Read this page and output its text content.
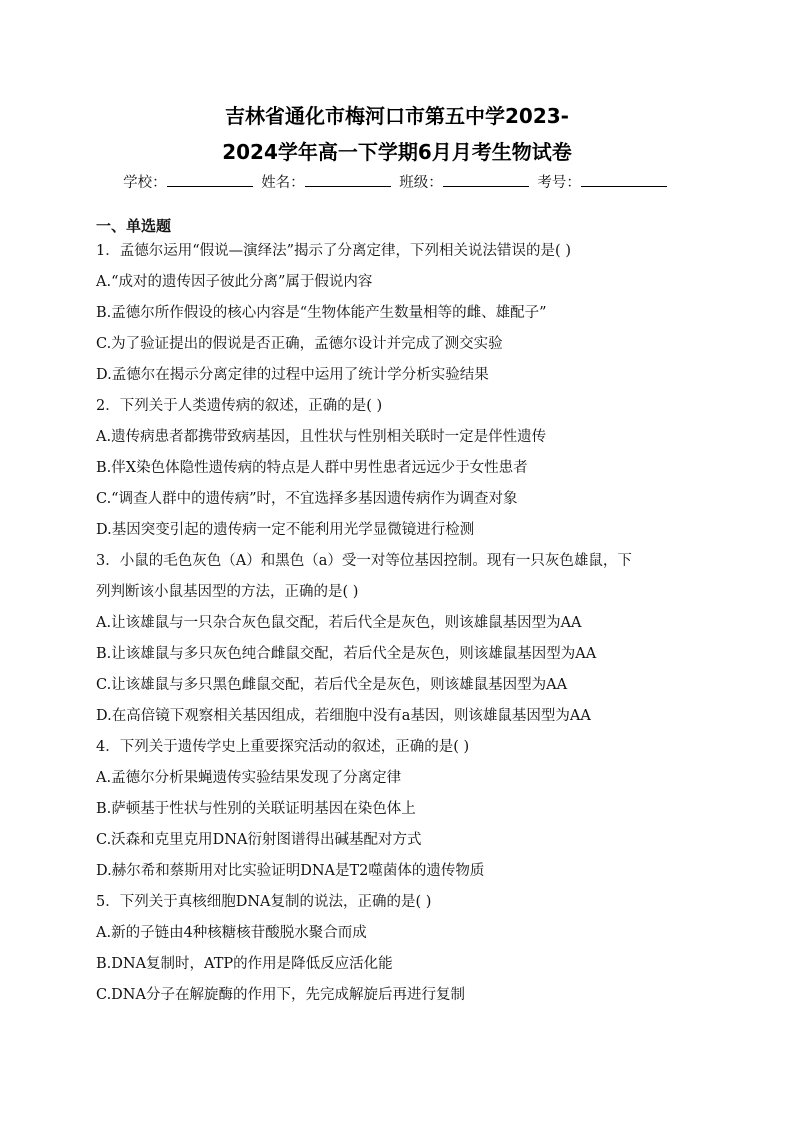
吉林省通化市梅河口市第五中学2023-
2024学年高一下学期6月月考生物试卷
学校：	姓名：	班级：	考号：
一、单选题
1．孟德尔运用“假说—演绎法”揭示了分离定律，下列相关说法错误的是( )
A.“成对的遗传因子彼此分离”属于假说内容
B.孟德尔所作假设的核心内容是“生物体能产生数量相等的雌、雄配子”
C.为了验证提出的假说是否正确，孟德尔设计并完成了测交实验
D.孟德尔在揭示分离定律的过程中运用了统计学分析实验结果
2．下列关于人类遗传病的叙述，正确的是( )
A.遗传病患者都携带致病基因，且性状与性别相关联时一定是伴性遗传
B.伴X染色体隐性遗传病的特点是人群中男性患者远远少于女性患者
C.“调查人群中的遗传病”时，不宜选择多基因遗传病作为调查对象
D.基因突变引起的遗传病一定不能利用光学显微镜进行检测
3．小鼠的毛色灰色（A）和黑色（a）受一对等位基因控制。现有一只灰色雄鼠，下
列判断该小鼠基因型的方法，正确的是( )
A.让该雄鼠与一只杂合灰色鼠交配，若后代全是灰色，则该雄鼠基因型为AA
B.让该雄鼠与多只灰色纯合雌鼠交配，若后代全是灰色，则该雄鼠基因型为AA
C.让该雄鼠与多只黑色雌鼠交配，若后代全是灰色，则该雄鼠基因型为AA
D.在高倍镜下观察相关基因组成，若细胞中没有a基因，则该雄鼠基因型为AA
4．下列关于遗传学史上重要探究活动的叙述，正确的是( )
A.孟德尔分析果蝇遗传实验结果发现了分离定律
B.萨顿基于性状与性别的关联证明基因在染色体上
C.沃森和克里克用DNA衍射图谱得出碱基配对方式
D.赫尔希和蔡斯用对比实验证明DNA是T2噬菌体的遗传物质
5．下列关于真核细胞DNA复制的说法，正确的是( )
A.新的子链由4种核糖核苷酸脱水聚合而成
B.DNA复制时，ATP的作用是降低反应活化能
C.DNA分子在解旋酶的作用下，先完成解旋后再进行复制
